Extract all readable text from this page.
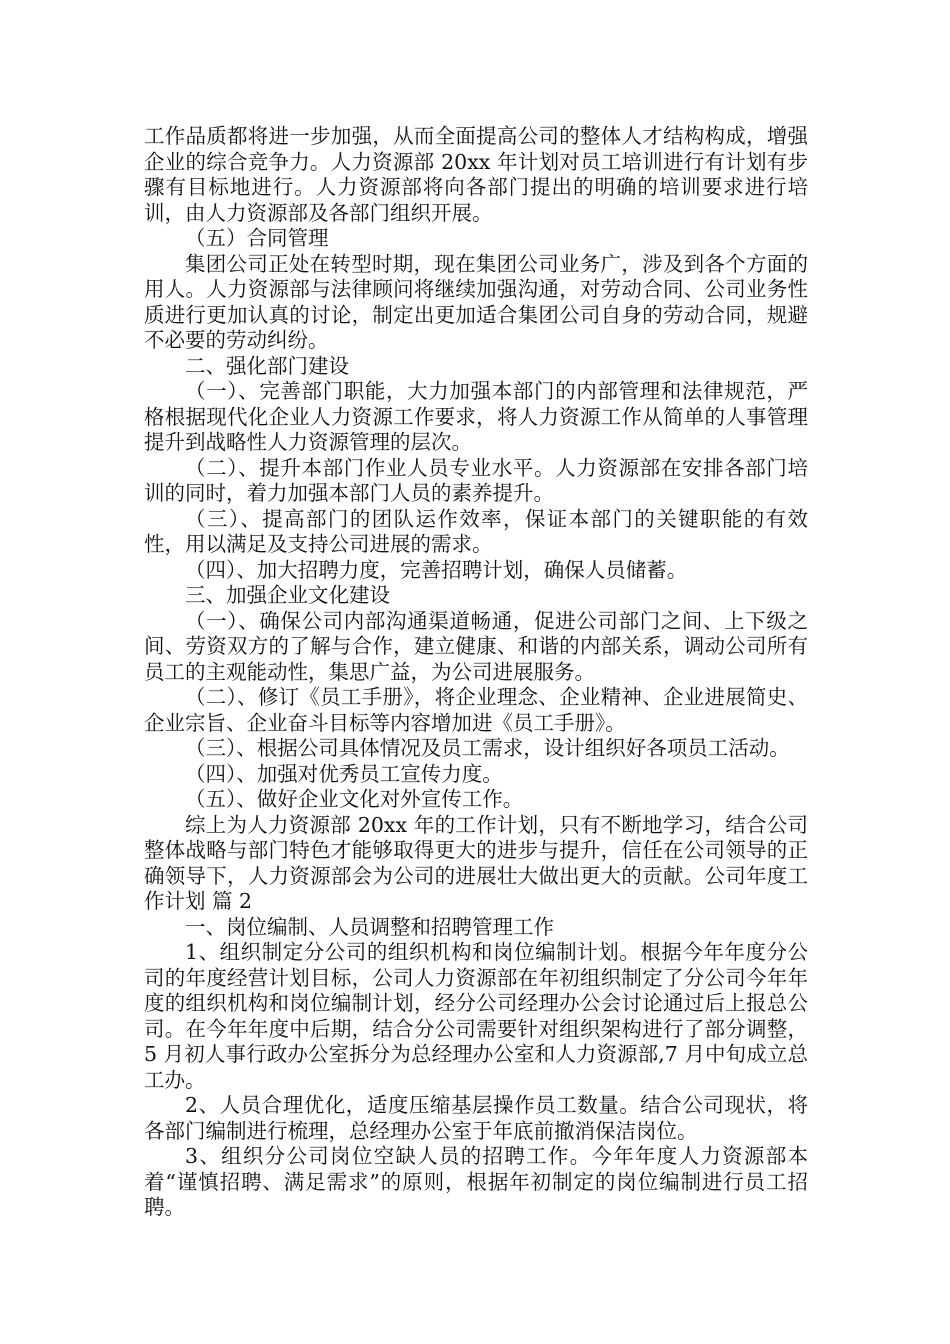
工作品质都将进一步加强，从而全面提高公司的整体人才结构构成，增强企业的综合竞争力。人力资源部 20xx 年计划对员工培训进行有计划有步骤有目标地进行。人力资源部将向各部门提出的明确的培训要求进行培训，由人力资源部及各部门组织开展。

（五）合同管理

集团公司正处在转型时期，现在集团公司业务广，涉及到各个方面的用人。人力资源部与法律顾问将继续加强沟通，对劳动合同、公司业务性质进行更加认真的讨论，制定出更加适合集团公司自身的劳动合同，规避不必要的劳动纠纷。

二、强化部门建设

（一）、完善部门职能，大力加强本部门的内部管理和法律规范，严格根据现代化企业人力资源工作要求，将人力资源工作从简单的人事管理提升到战略性人力资源管理的层次。

（二）、提升本部门作业人员专业水平。人力资源部在安排各部门培训的同时，着力加强本部门人员的素养提升。

（三）、提高部门的团队运作效率，保证本部门的关键职能的有效性，用以满足及支持公司进展的需求。

（四）、加大招聘力度，完善招聘计划，确保人员储蓄。

三、加强企业文化建设

（一）、确保公司内部沟通渠道畅通，促进公司部门之间、上下级之间、劳资双方的了解与合作，建立健康、和谐的内部关系，调动公司所有员工的主观能动性，集思广益，为公司进展服务。

（二）、修订《员工手册》，将企业理念、企业精神、企业进展简史、企业宗旨、企业奋斗目标等内容增加进《员工手册》。

（三）、根据公司具体情况及员工需求，设计组织好各项员工活动。

（四）、加强对优秀员工宣传力度。

（五）、做好企业文化对外宣传工作。

综上为人力资源部 20xx 年的工作计划，只有不断地学习，结合公司整体战略与部门特色才能够取得更大的进步与提升，信任在公司领导的正确领导下，人力资源部会为公司的进展壮大做出更大的贡献。公司年度工作计划 篇 2

一、岗位编制、人员调整和招聘管理工作

1、组织制定分公司的组织机构和岗位编制计划。根据今年年度分公司的年度经营计划目标，公司人力资源部在年初组织制定了分公司今年年度的组织机构和岗位编制计划，经分公司经理办公会讨论通过后上报总公司。在今年年度中后期，结合分公司需要针对组织架构进行了部分调整，5 月初人事行政办公室拆分为总经理办公室和人力资源部,7 月中旬成立总工办。

2、人员合理优化，适度压缩基层操作员工数量。结合公司现状，将各部门编制进行梳理，总经理办公室于年底前撤消保洁岗位。

3、组织分公司岗位空缺人员的招聘工作。今年年度人力资源部本着“谨慎招聘、满足需求”的原则，根据年初制定的岗位编制进行员工招聘。
